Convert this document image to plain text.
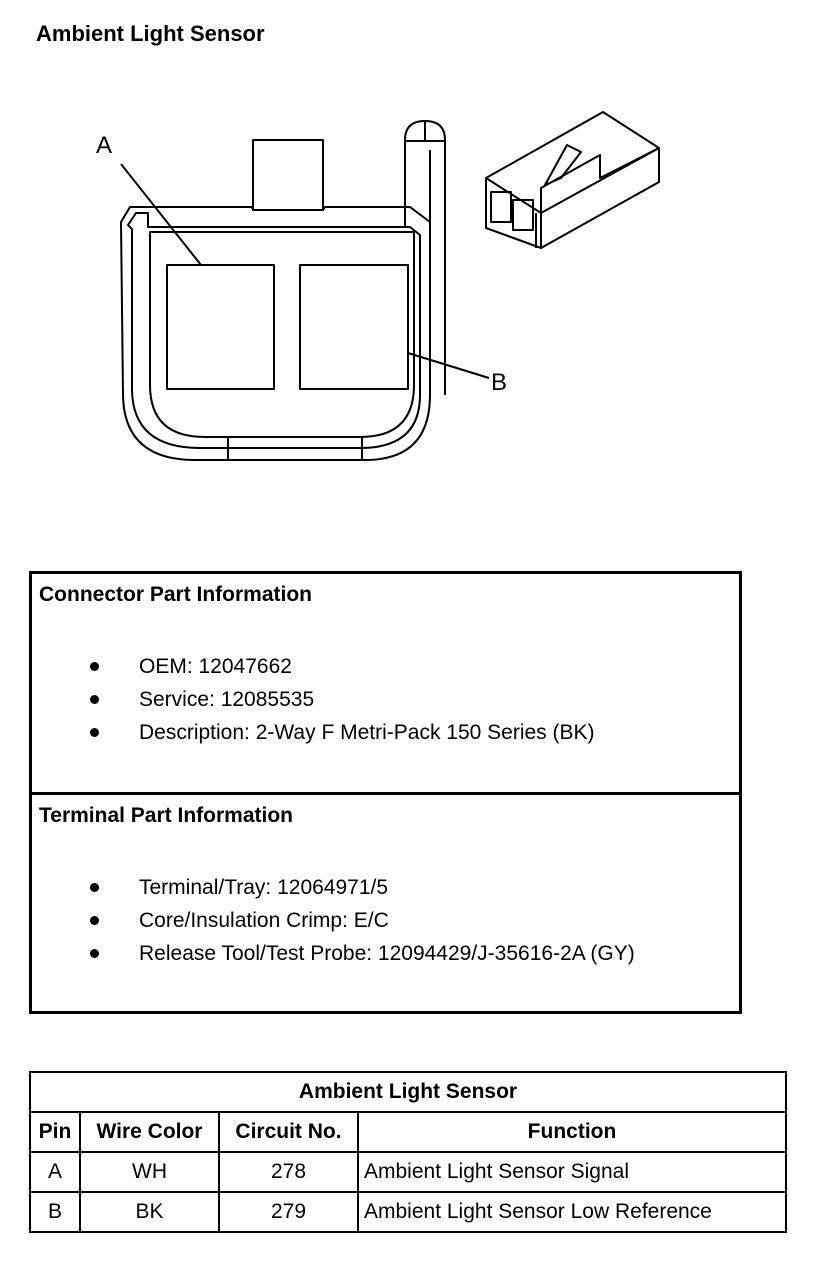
Ambient Light Sensor
A
B
Connector Part Information
OEM: 12047662
Service: 12085535
Description: 2-Way F Metri-Pack 150 Series (BK)
Terminal Part Information
Terminal/Tray: 12064971/5
Core/Insulation Crimp: E/C
Release Tool/Test Probe: 12094429/J-35616-2A (GY)
Ambient Light Sensor			
Pin	Wire Color	Circuit No.	Function
A	WH	278	Ambient Light Sensor Signal
B	BK	279	Ambient Light Sensor Low Reference
